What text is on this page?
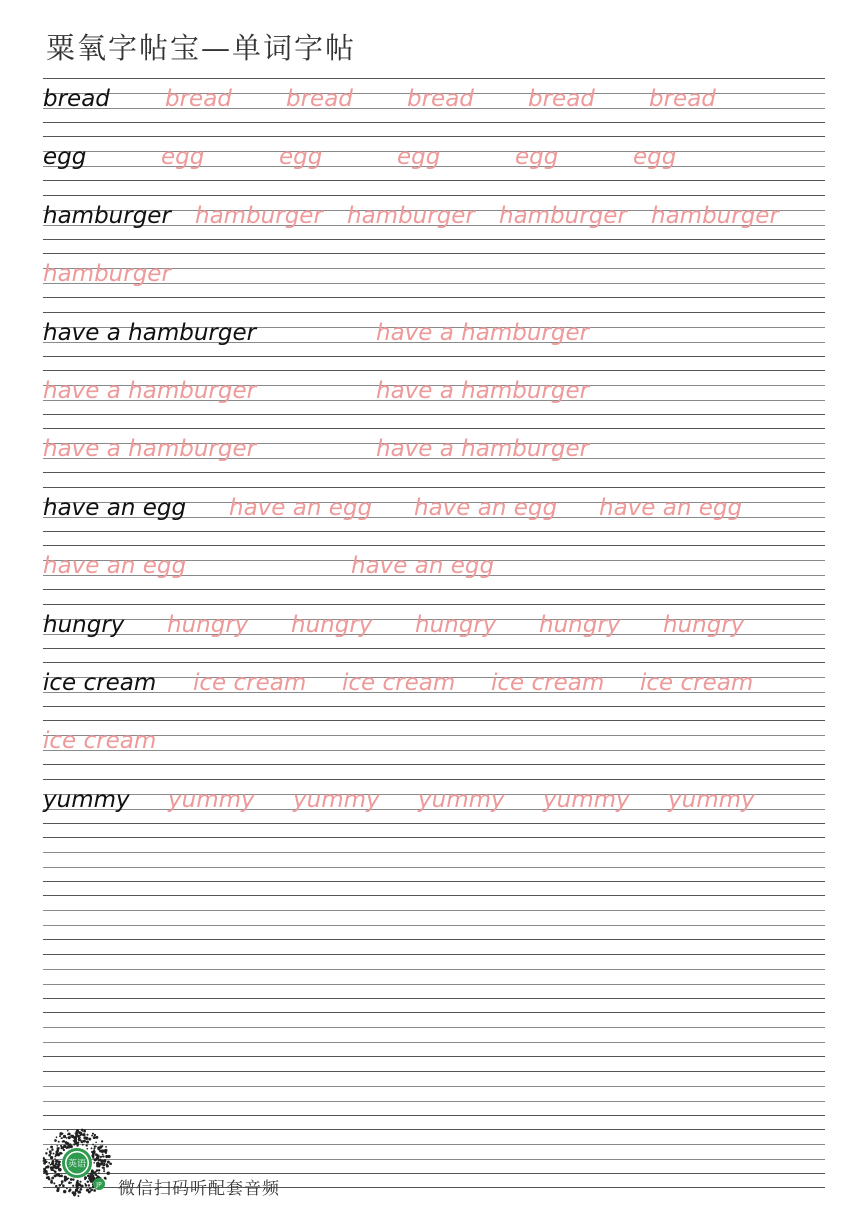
粟氧字帖宝—单词字帖
bread bread bread bread bread bread
egg	egg	egg	egg	egg	egg
hamburger hamburger hamburger hamburger hamburger
hamburger
have a hamburger	have a hamburger
have a hamburger	have a hamburger
have a hamburger	have a hamburger
have an egg have an egg have an egg have an egg
have an egg	have an egg
hungry hungry hungry hungry hungry hungry
ice cream ice cream ice cream ice cream ice cream
ice cream
yummy yummy yummy yummy yummy yummy
英语
JP 微信扫码听配套音频
